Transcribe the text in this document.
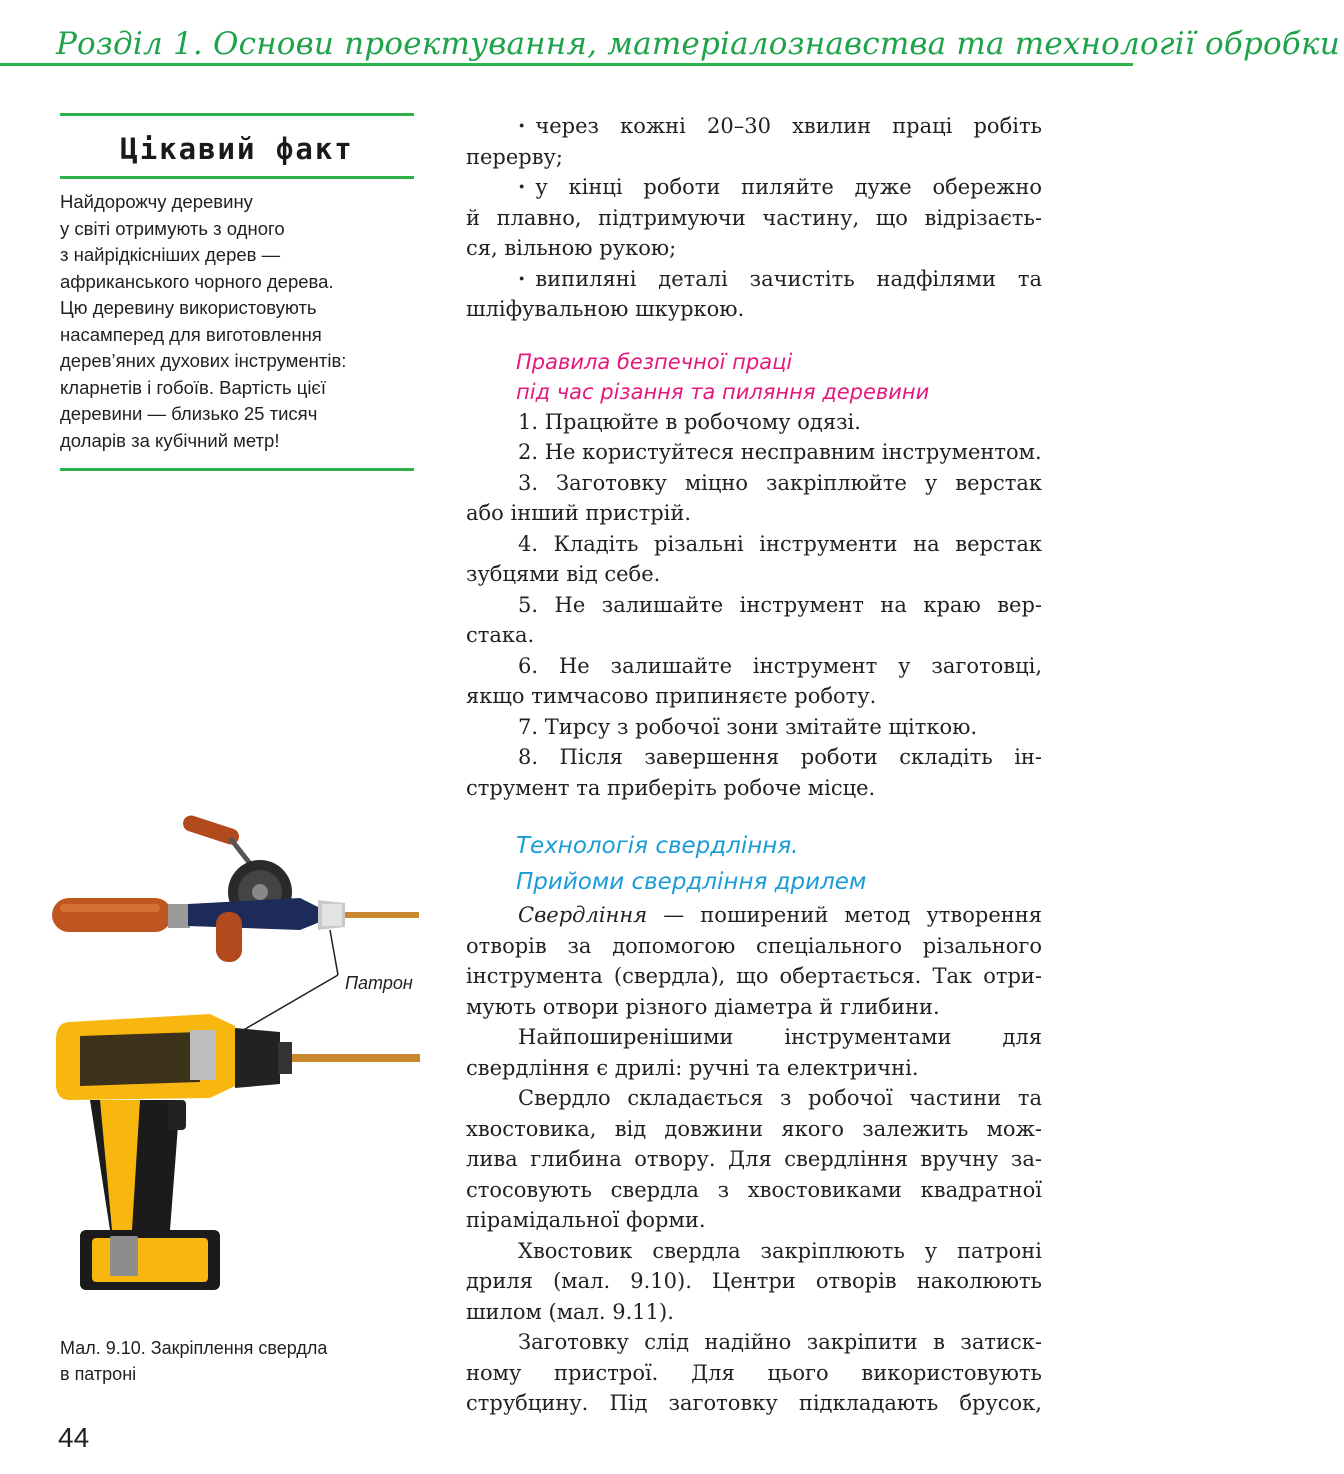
Розділ 1. Основи проектування, матеріалознавства та технології обробки
Цікавий факт
Найдорожчу деревину
у світі отримують з одного
з найрідкісніших дерев —
африканського чорного дерева.
Цю деревину використовують
насамперед для виготовлення
дерев’яних духових інструментів:
кларнетів і гобоїв. Вартість цієї
деревини — близько 25 тисяч
доларів за кубічний метр!
· через кожні 20–30 хвилин праці робіть
перерву;
· у кінці роботи пиляйте дуже обережно
й плавно, підтримуючи частину, що відрізаєть-
ся, вільною рукою;
· випиляні деталі зачистіть надфілями та
шліфувальною шкуркою.
Правила безпечної праці
під час різання та пиляння деревини
1. Працюйте в робочому одязі.
2. Не користуйтеся несправним інструментом.
3. Заготовку міцно закріплюйте у верстак
або інший пристрій.
4. Кладіть різальні інструменти на верстак
зубцями від себе.
5. Не залишайте інструмент на краю вер-
стака.
6. Не залишайте інструмент у заготовці,
якщо тимчасово припиняєте роботу.
7. Тирсу з робочої зони змітайте щіткою.
8. Після завершення роботи складіть ін-
струмент та приберіть робоче місце.
Технологія свердління.
Прийоми свердління дрилем
Свердління — поширений метод утворення
отворів за допомогою спеціального різального
інструмента (свердла), що обертається. Так отри-
мують отвори різного діаметра й глибини.
Найпоширенішими інструментами для
свердління є дрилі: ручні та електричні.
Свердло складається з робочої частини та
хвостовика, від довжини якого залежить мож-
лива глибина отвору. Для свердління вручну за-
стосовують свердла з хвостовиками квадратної
пірамідальної форми.
Хвостовик свердла закріплюють у патроні
дриля (мал. 9.10). Центри отворів наколюють
шилом (мал. 9.11).
Заготовку слід надійно закріпити в затиск-
ному пристрої. Для цього використовують
струбцину. Під заготовку підкладають брусок,
Патрон
Мал. 9.10. Закріплення свердла
в патроні
44
